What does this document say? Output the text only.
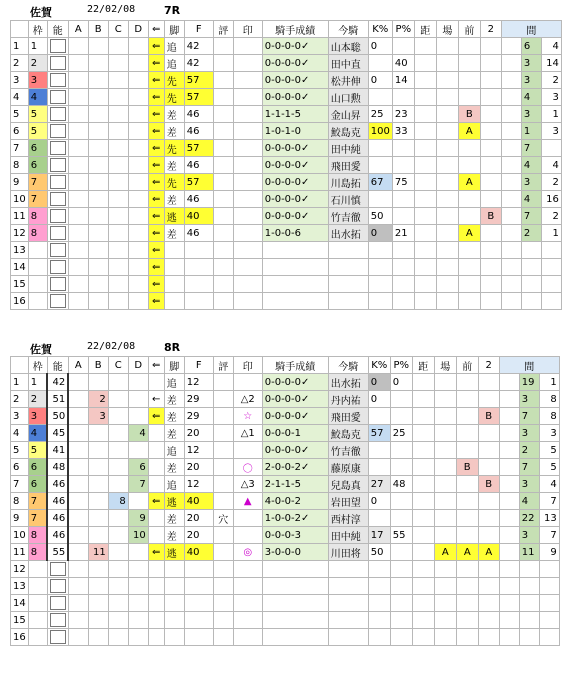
佐賀	22/02/08	7R
	枠	能	A	B	C	D	⇐	脚	F	評	印	騎手成績	今騎	K%	P%	距	場	前	2	間		
1	1						⇐	追	42			0-0-0-0✓	山本聡	0							6	4
2	2						⇐	追	42			0-0-0-0✓	田中直		40						3	14
3	3						⇐	先	57			0-0-0-0✓	松井伸	0	14						3	2
4	4						⇐	先	57			0-0-0-0✓	山口勲								4	3
5	5						⇐	差	46			1-1-1-5	金山昇	25	23			B			3	1
6	5						⇐	差	46			1-0-1-0	鮫島克	100	33			A			1	3
7	6						⇐	先	57			0-0-0-0✓	田中純								7	
8	6						⇐	差	46			0-0-0-0✓	飛田愛								4	4
9	7						⇐	先	57			0-0-0-0✓	川島拓	67	75			A			3	2
10	7						⇐	差	46			0-0-0-0✓	石川慎								4	16
11	8						⇐	逃	40			0-0-0-0✓	竹吉徹	50					B		7	2
12	8						⇐	差	46			1-0-0-6	出水拓	0	21			A			2	1
13							⇐															
14							⇐															
15							⇐															
16							⇐															
佐賀	22/02/08	8R
	枠	能	A	B	C	D	⇐	脚	F	評	印	騎手成績	今騎	K%	P%	距	場	前	2	間		
1	1	42						追	12			0-0-0-0✓	出水拓	0	0						19	1
2	2	51		2			←	差	29		△2	0-0-0-0✓	丹内祐	0							3	8
3	3	50		3			⇐	差	29		☆	0-0-0-0✓	飛田愛						B		7	8
4	4	45				4		差	20		△1	0-0-0-1	鮫島克	57	25						3	3
5	5	41						追	12			0-0-0-0✓	竹吉徹								2	5
6	6	48				6		差	20		〇	2-0-0-2✓	藤原康					B			7	5
7	6	46				7		追	12		△3	2-1-1-5	兒島真	27	48				B		3	4
8	7	46			8		⇐	逃	40		▲	4-0-0-2	岩田望	0							4	7
9	7	46				9		差	20	穴		1-0-0-2✓	西村淳								22	13
10	8	46				10		差	20			0-0-0-3	田中純	17	55						3	7
11	8	55		11			⇐	逃	40		◎	3-0-0-0	川田将	50			A	A	A		11	9
12																						
13																						
14																						
15																						
16																						
